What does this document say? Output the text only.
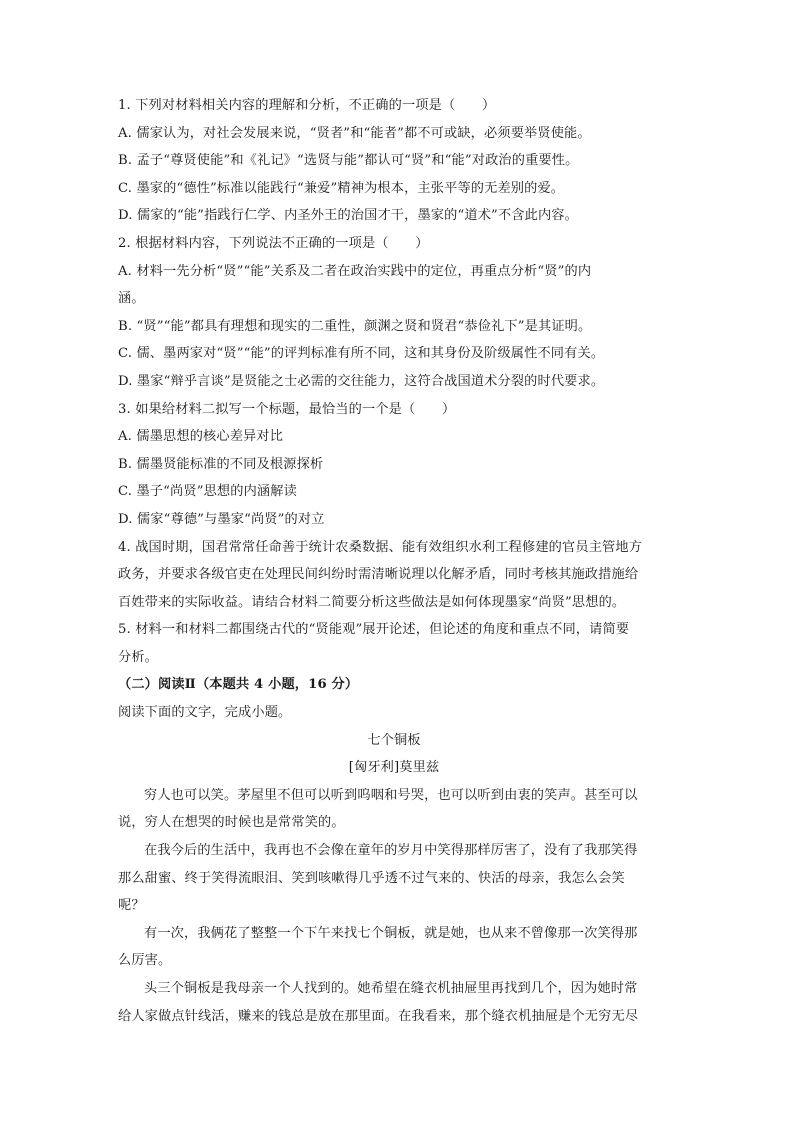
1. 下列对材料相关内容的理解和分析，不正确的一项是（　　）
A. 儒家认为，对社会发展来说，“贤者”和“能者”都不可或缺，必须要举贤使能。
B. 孟子“尊贤使能”和《礼记》“选贤与能”都认可“贤”和“能”对政治的重要性。
C. 墨家的“德性”标准以能践行“兼爱”精神为根本，主张平等的无差别的爱。
D. 儒家的“能”指践行仁学、内圣外王的治国才干，墨家的“道术”不含此内容。
2. 根据材料内容，下列说法不正确的一项是（　　）
A. 材料一先分析“贤”“能”关系及二者在政治实践中的定位，再重点分析“贤”的内
涵。
B. “贤”“能”都具有理想和现实的二重性，颜渊之贤和贤君“恭俭礼下”是其证明。
C. 儒、墨两家对“贤”“能”的评判标准有所不同，这和其身份及阶级属性不同有关。
D. 墨家“辩乎言谈”是贤能之士必需的交往能力，这符合战国道术分裂的时代要求。
3. 如果给材料二拟写一个标题，最恰当的一个是（　　）
A. 儒墨思想的核心差异对比
B. 儒墨贤能标准的不同及根源探析
C. 墨子“尚贤”思想的内涵解读
D. 儒家“尊德”与墨家“尚贤”的对立
4. 战国时期，国君常常任命善于统计农桑数据、能有效组织水利工程修建的官员主管地方
政务，并要求各级官吏在处理民间纠纷时需清晰说理以化解矛盾，同时考核其施政措施给
百姓带来的实际收益。请结合材料二简要分析这些做法是如何体现墨家“尚贤”思想的。
5. 材料一和材料二都围绕古代的“贤能观”展开论述，但论述的角度和重点不同，请简要
分析。
（二）阅读Ⅱ（本题共 4 小题，16 分）
阅读下面的文字，完成小题。
七个铜板
[匈牙利]莫里兹
穷人也可以笑。茅屋里不但可以听到呜咽和号哭，也可以听到由衷的笑声。甚至可以
说，穷人在想哭的时候也是常常笑的。
在我今后的生活中，我再也不会像在童年的岁月中笑得那样厉害了，没有了我那笑得
那么甜蜜、终于笑得流眼泪、笑到咳嗽得几乎透不过气来的、快活的母亲，我怎么会笑
呢？
有一次，我俩花了整整一个下午来找七个铜板，就是她，也从来不曾像那一次笑得那
么厉害。
头三个铜板是我母亲一个人找到的。她希望在缝衣机抽屉里再找到几个，因为她时常
给人家做点针线活，赚来的钱总是放在那里面。在我看来，那个缝衣机抽屉是个无穷无尽
